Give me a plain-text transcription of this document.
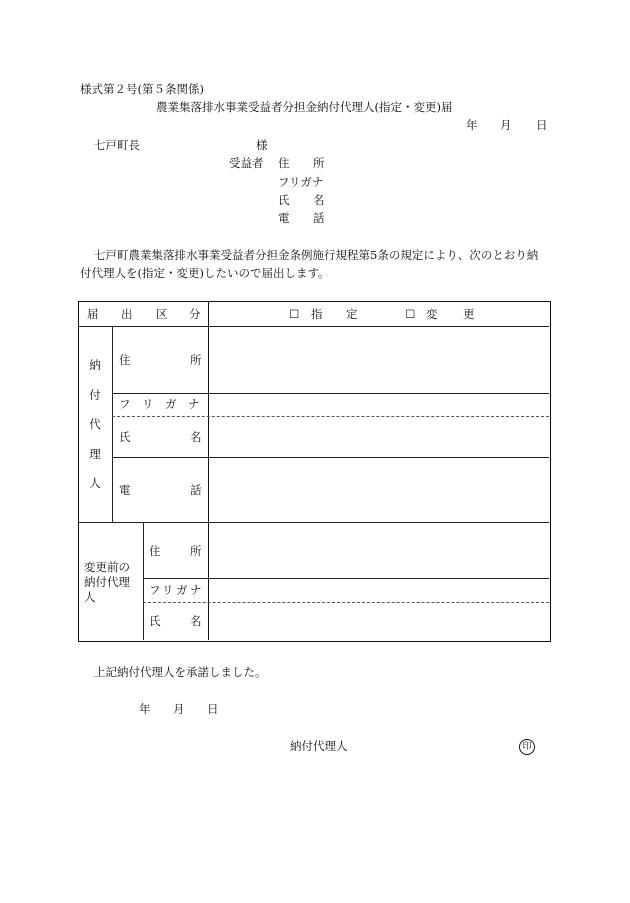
様式第２号(第５条関係)
農業集落排水事業受益者分担金納付代理人(指定・変更)届
年 月 日
七戸町長	様
受益者 住 所
フリガナ
氏 名
電 話
七戸町農業集落排水事業受益者分担金条例施行規程第5条の規定により、次のとおり納
付代理人を(指定・変更)したいので届出します。
届 出 区 分	☐ 指 定	☐ 変 更
納
付
代
理
人
住	所
フ リ ガ ナ
氏	名
電	話
変更前の
納付代理
人
住	所
フ リ ガ ナ
氏	名
上記納付代理人を承諾しました。
年 月 日
納付代理人	印
